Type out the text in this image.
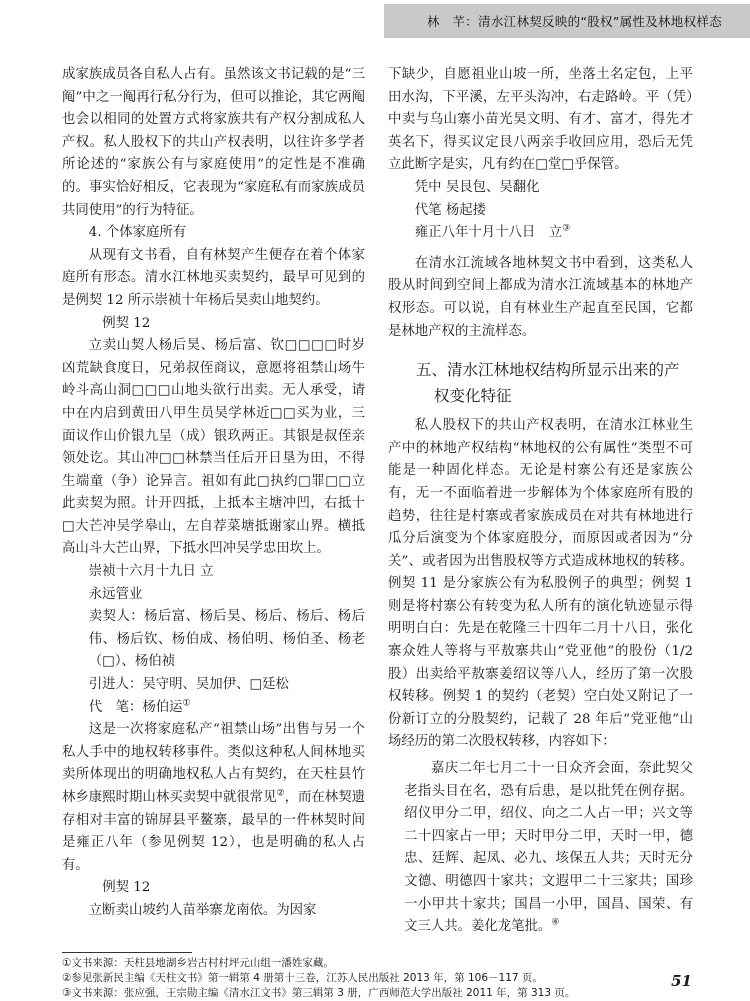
林　芊：清水江林契反映的“股权”属性及林地权样态

成家族成员各自私人占有。虽然该文书记载的是“三阄”中之一阄再行私分行为，但可以推论，其它两阄也会以相同的处置方式将家族共有产权分割成私人产权。私人股权下的共山产权表明，以往许多学者所论述的“家族公有与家庭使用”的定性是不准确的。事实恰好相反，它表现为“家庭私有而家族成员共同使用”的行为特征。

4. 个体家庭所有

从现有文书看，自有林契产生便存在着个体家庭所有形态。清水江林地买卖契约，最早可见到的是例契 12 所示崇祯十年杨后昊卖山地契约。

例契 12

立卖山契人杨后昊、杨后富、钦□□□□时岁凶荒缺食度日，兄弟叔侄商议，意愿将祖禁山场牛岭斗高山洞□□□山地头欲行出卖。无人承受，请中在内启到黄田八甲生员吴学林近□□买为业，三面议作山价银九呈（成）银玖两正。其银是叔侄亲领处讫。其山冲□□林禁当任后开日垦为田，不得生端童（争）论异言。祖如有此□执约□罪□□立此卖契为照。计开四抵，上抵本主塘冲凹，右抵十□大芒冲吴学皋山，左自荐菜塘抵谢家山界。横抵高山斗大芒山界，下抵水凹冲吴学忠田坎上。

崇祯十六月十九日 立

永远管业

卖契人：杨后富、杨后昊、杨后、杨后、杨后伟、杨后钦、杨伯成、杨伯明、杨伯圣、杨老（□）、杨伯祯

引进人：吴守明、吴加伊、□廷松

代　笔：杨伯运①

这是一次将家庭私产“祖禁山场”出售与另一个私人手中的地权转移事件。类似这种私人间林地买卖所体现出的明确地权私人占有契约，在天柱县竹林乡康熙时期山林买卖契中就很常见②，而在林契遗存相对丰富的锦屏县平鳌寨，最早的一件林契时间是雍正八年（参见例契 12），也是明确的私人占有。

例契 12

立断卖山坡约人苗举寨龙南依。为因家

下缺少，自愿祖业山坡一所，坐落土名定包，上平田水沟，下平溪，左平头沟冲，右走路岭。平（凭）中卖与乌山寨小苗光昊文明、有才、富才，得先才英名下，得买议定艮八两亲手收回应用，恐后无凭立此断字是实，凡有约在□堂□乎保管。

凭中 吴艮包、吴翻化

代笔 杨起搂

雍正八年十月十八日　立③

在清水江流域各地林契文书中看到，这类私人股从时间到空间上都成为清水江流域基本的林地产权形态。可以说，自有林业生产起直至民国，它都是林地产权的主流样态。

五、清水江林地权结构所显示出来的产
权变化特征

私人股权下的共山产权表明，在清水江林业生产中的林地产权结构“林地权的公有属性”类型不可能是一种固化样态。无论是村寨公有还是家族公有，无一不面临着进一步解体为个体家庭所有股的趋势，往往是村寨或者家族成员在对共有林地进行瓜分后演变为个体家庭股分，而原因或者因为“分关”、或者因为出售股权等方式造成林地权的转移。例契 11 是分家族公有为私股例子的典型；例契 1 则是将村寨公有转变为私人所有的演化轨迹显示得明明白白：先是在乾隆三十四年二月十八日，张化寨众姓人等将与平敖寨共山“党亚他”的股份（1/2 股）出卖给平敖寨姜绍议等八人，经历了第一次股权转移。例契 1 的契约（老契）空白处又附记了一份新订立的分股契约，记载了 28 年后“党亚他”山场经历的第二次股权转移，内容如下：

嘉庆二年七月二十一日众齐会面，奈此契父老指头目在名，恐有后患，是以批凭在例存据。绍仪甲分二甲，绍仪、向之二人占一甲；兴文等二十四家占一甲；天时甲分二甲，天时一甲，德忠、廷辉、起凤、必九、垓保五人共；天时无分文德、明德四十家共；文遐甲二十三家共；国珍一小甲共十家共；国昌一小甲，国昌、国荣、有文三人共。姜化龙笔批。④

①文书来源：天柱县地湖乡岩古村村坪元山组一潘姓家藏。
②参见张新民主编《天柱文书》第一辑第 4 册第十三卷，江苏人民出版社 2013 年，第 106－117 页。
③文书来源：张应强，王宗勋主编《清水江文书》第三辑第 3 册，广西师范大学出版社 2011 年，第 313 页。
51
